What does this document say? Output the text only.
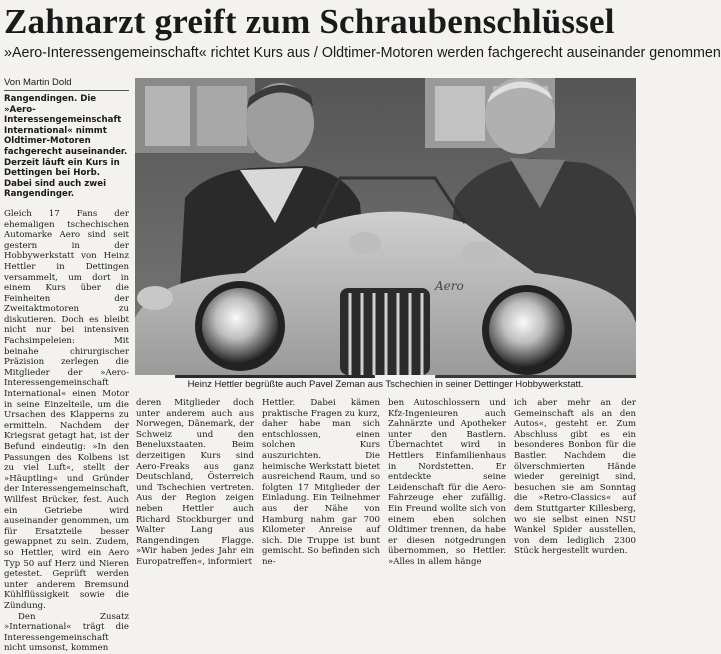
Zahnarzt greift zum Schraubenschlüssel
»Aero-Interessengemeinschaft« richtet Kurs aus / Oldtimer-Motoren werden fachgerecht auseinander genommen
Von Martin Dold

Rangendingen. Die »Aero-Interessengemeinschaft International« nimmt Oldtimer-Motoren fachgerecht auseinander. Derzeit läuft ein Kurs in Dettingen bei Horb. Dabei sind auch zwei Rangendinger.

Gleich 17 Fans der ehemaligen tschechischen Automarke Aero sind seit gestern in der Hobbywerkstatt von Heinz Hettler in Dettingen versammelt, um dort in einem Kurs über die Feinheiten der Zweitaktmotoren zu diskutieren. Doch es bleibt nicht nur bei intensiven Fachsimpeleien: Mit beinahe chirurgischer Präzision zerlegen die Mitglieder der »Aero-Interessengemeinschaft International« einen Motor in seine Einzelteile, um die Ursachen des Klapperns zu ermitteln. Nachdem der Kriegsrat getagt hat, ist der Befund eindeutig: »In den Passungen des Kolbens ist zu viel Luft«, stellt der »Häuptling« und Gründer der Interessengemeinschaft, Willfest Brücker, fest. Auch ein Getriebe wird auseinander genommen, um für Ersatzteile besser gewappnet zu sein. Zudem, so Hettler, wird ein Aero Typ 50 auf Herz und Nieren getestet. Geprüft werden unter anderem Bremsund Kühlflüssigkeit sowie die Zündung.

Den Zusatz »International« trägt die Interessengemeinschaft nicht umsonst, kommen

Aero
Heinz Hettler begrüßte auch Pavel Zeman aus Tschechien in seiner Dettinger Hobbywerkstatt.

deren Mitglieder doch unter anderem auch aus Norwegen, Dänemark, der Schweiz und den Beneluxstaaten. Beim derzeitigen Kurs sind Aero-Freaks aus ganz Deutschland, Österreich und Tschechien vertreten. Aus der Region zeigen neben Hettler auch Richard Stockburger und Walter Lang aus Rangendingen Flagge. »Wir haben jedes Jahr ein Europatreffen«, informiert

Hettler. Dabei kämen praktische Fragen zu kurz, daher habe man sich entschlossen, einen solchen Kurs auszurichten. Die heimische Werkstatt bietet ausreichend Raum, und so folgten 17 Mitglieder der Einladung. Ein Teilnehmer aus der Nähe von Hamburg nahm gar 700 Kilometer Anreise auf sich. Die Truppe ist bunt gemischt. So befinden sich ne-

ben Autoschlossern und Kfz-Ingenieuren auch Zahnärzte und Apotheker unter den Bastlern. Übernachtet wird in Hettlers Einfamilienhaus in Nordstetten. Er entdeckte seine Leidenschaft für die Aero-Fahrzeuge eher zufällig. Ein Freund wollte sich von einem eben solchen Oldtimer trennen, da habe er diesen notgedrungen übernommen, so Hettler. »Alles in allem hänge

ich aber mehr an der Gemeinschaft als an den Autos«, gesteht er. Zum Abschluss gibt es ein besonderes Bonbon für die Bastler. Nachdem die ölverschmierten Hände wieder gereinigt sind, besuchen sie am Sonntag die »Retro-Classics« auf dem Stuttgarter Killesberg, wo sie selbst einen NSU Wankel Spider ausstellen, von dem lediglich 2300 Stück hergestellt wurden.
